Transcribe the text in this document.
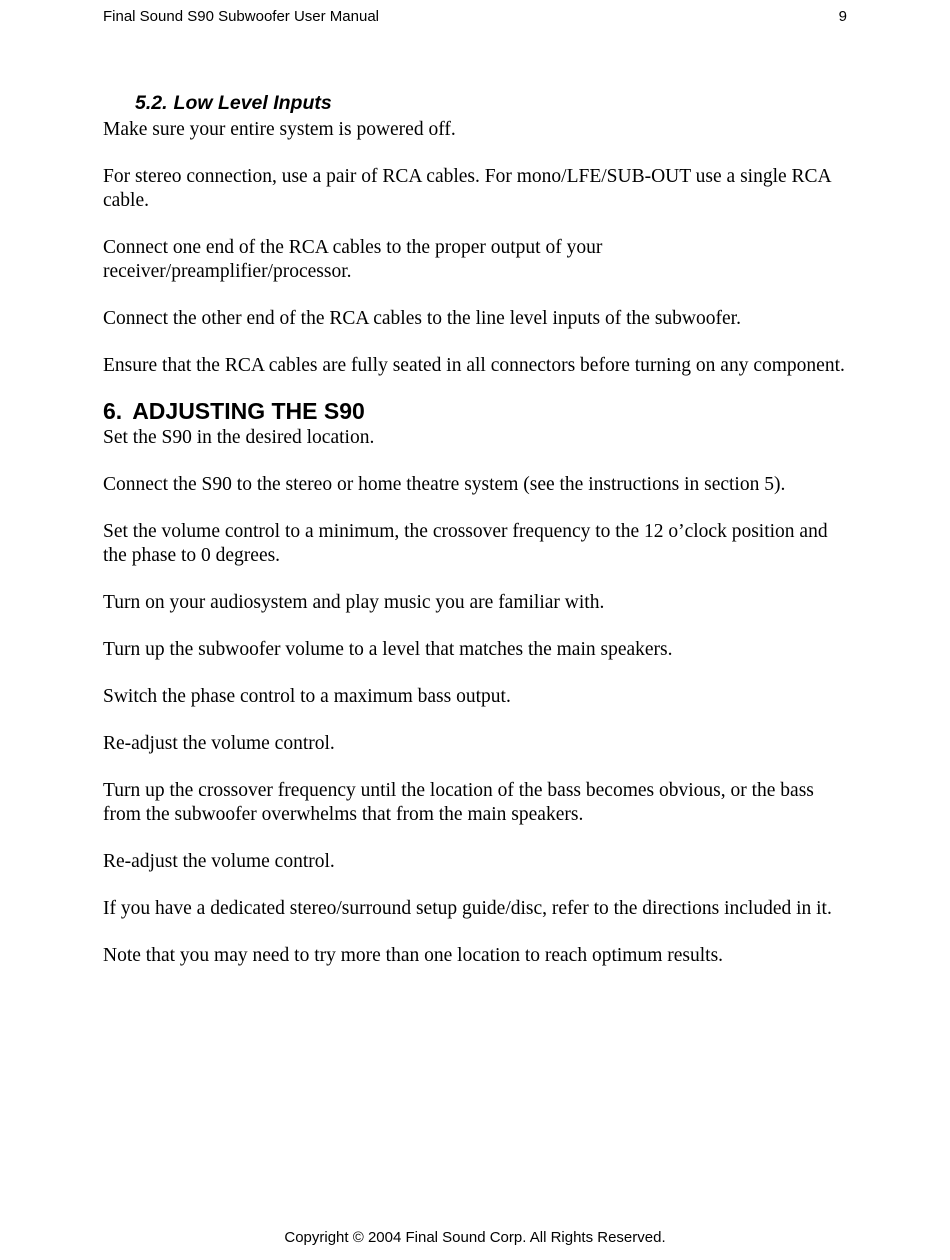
Final Sound S90 Subwoofer User Manual	9
5.2. Low Level Inputs

Make sure your entire system is powered off.

For stereo connection, use a pair of RCA cables. For mono/LFE/SUB-OUT use a single RCA cable.

Connect one end of the RCA cables to the proper output of your receiver/preamplifier/processor.

Connect the other end of the RCA cables to the line level inputs of the subwoofer.

Ensure that the RCA cables are fully seated in all connectors before turning on any component.

6. ADJUSTING THE S90

Set the S90 in the desired location.

Connect the S90 to the stereo or home theatre system (see the instructions in section 5).

Set the volume control to a minimum, the crossover frequency to the 12 o’clock position and the phase to 0 degrees.

Turn on your audiosystem and play music you are familiar with.

Turn up the subwoofer volume to a level that matches the main speakers.

Switch the phase control to a maximum bass output.

Re-adjust the volume control.

Turn up the crossover frequency until the location of the bass becomes obvious, or the bass from the subwoofer overwhelms that from the main speakers.

Re-adjust the volume control.

If you have a dedicated stereo/surround setup guide/disc, refer to the directions included in it.

Note that you may need to try more than one location to reach optimum results.

Copyright © 2004 Final Sound Corp. All Rights Reserved.
